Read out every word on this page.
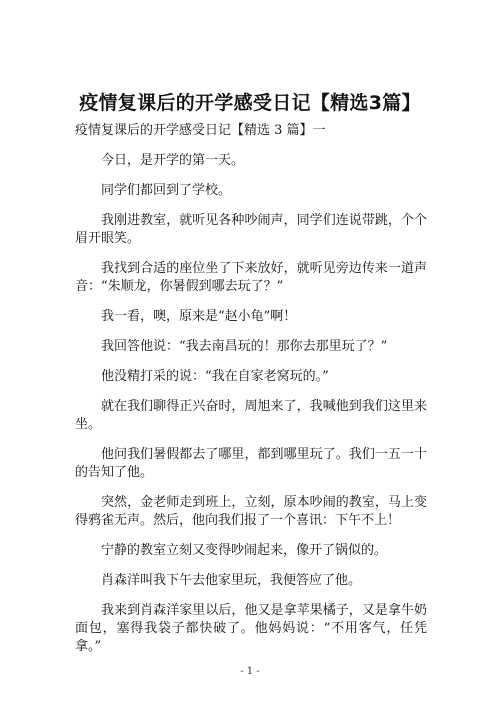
疫情复课后的开学感受日记【精选3篇】

疫情复课后的开学感受日记【精选 3 篇】一

今日，是开学的第一天。

同学们都回到了学校。

我刚进教室，就听见各种吵闹声，同学们连说带跳，个个眉开眼笑。

我找到合适的座位坐了下来放好，就听见旁边传来一道声音：“朱顺龙，你暑假到哪去玩了？”

我一看，噢，原来是“赵小龟”啊！

我回答他说：“我去南昌玩的！那你去那里玩了？”

他没精打采的说：“我在自家老窝玩的。”

就在我们聊得正兴奋时，周旭来了，我喊他到我们这里来坐。

他问我们暑假都去了哪里，都到哪里玩了。我们一五一十的告知了他。

突然，金老师走到班上，立刻，原本吵闹的教室，马上变得鸦雀无声。然后，他向我们报了一个喜讯：下午不上！

宁静的教室立刻又变得吵闹起来，像开了锅似的。

肖森洋叫我下午去他家里玩，我便答应了他。

我来到肖森洋家里以后，他又是拿苹果橘子，又是拿牛奶面包，塞得我袋子都快破了。他妈妈说：“不用客气，任凭拿。”

- 1 -
